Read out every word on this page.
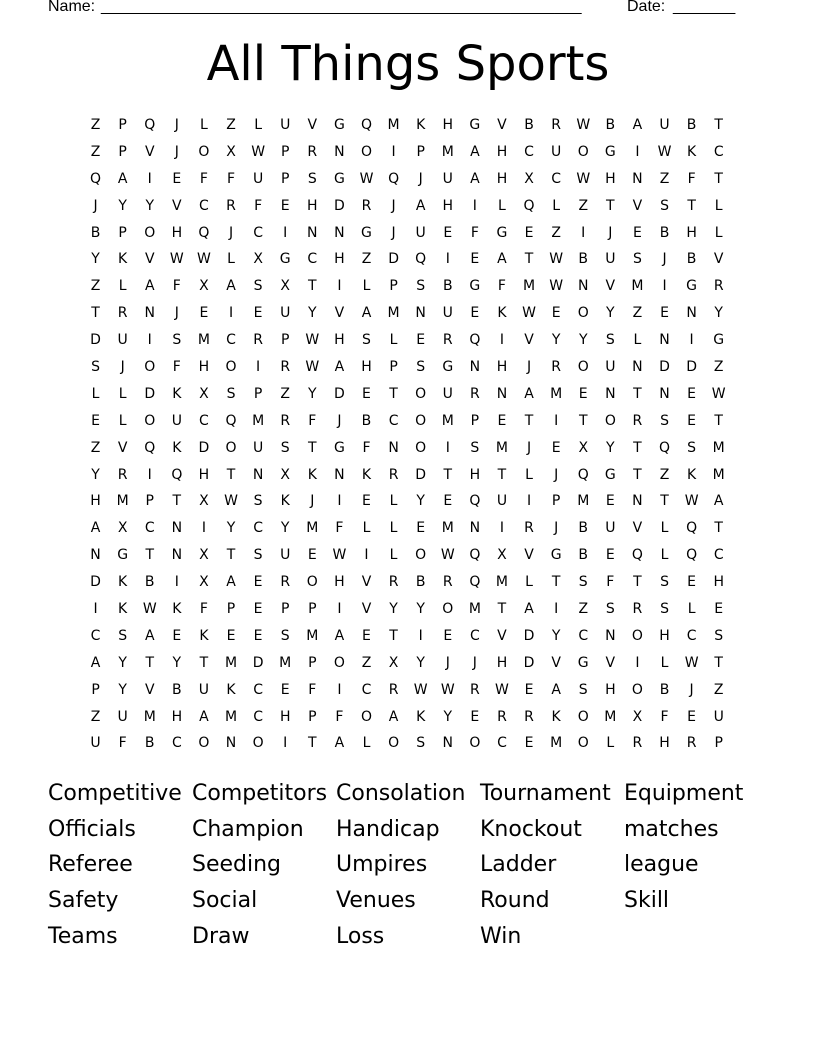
Name: ______________________________________________________	Date: _______
All Things Sports
Z	P	Q	J	L	Z	L	U	V	G	Q	M	K	H	G	V	B	R	W	B	A	U	B	T
Z	P	V	J	O	X	W	P	R	N	O	I	P	M	A	H	C	U	O	G	I	W	K	C
Q	A	I	E	F	F	U	P	S	G	W	Q	J	U	A	H	X	C	W	H	N	Z	F	T
J	Y	Y	V	C	R	F	E	H	D	R	J	A	H	I	L	Q	L	Z	T	V	S	T	L
B	P	O	H	Q	J	C	I	N	N	G	J	U	E	F	G	E	Z	I	J	E	B	H	L
Y	K	V	W W	L	X	G	C	H	Z	D	Q	I	E	A	T	W	B	U	S	J	B	V
Z	L	A	F	X	A	S	X	T	I	L	P	S	B	G	F	M	W	N	V	M	I	G	R
T	R	N	J	E	I	E	U	Y	V	A	M	N	U	E	K	W	E	O	Y	Z	E	N	Y
D	U	I	S	M	C	R	P	W	H	S	L	E	R	Q	I	V	Y	Y	S	L	N	I	G
S	J	O	F	H	O	I	R	W	A	H	P	S	G	N	H	J	R	O	U	N	D	D	Z
L	L	D	K	X	S	P	Z	Y	D	E	T	O	U	R	N	A	M	E	N	T	N	E	W
E	L	O	U	C	Q	M	R	F	J	B	C	O	M	P	E	T	I	T	O	R	S	E	T
Z	V	Q	K	D	O	U	S	T	G	F	N	O	I	S	M	J	E	X	Y	T	Q	S	M
Y	R	I	Q	H	T	N	X	K	N	K	R	D	T	H	T	L	J	Q	G	T	Z	K	M
H	M	P	T	X	W	S	K	J	I	E	L	Y	E	Q	U	I	P	M	E	N	T	W	A
A	X	C	N	I	Y	C	Y	M	F	L	L	E	M	N	I	R	J	B	U	V	L	Q	T
N	G	T	N	X	T	S	U	E	W	I	L	O	W	Q	X	V	G	B	E	Q	L	Q	C
D	K	B	I	X	A	E	R	O	H	V	R	B	R	Q	M	L	T	S	F	T	S	E	H
I	K	W	K	F	P	E	P	P	I	V	Y	Y	O	M	T	A	I	Z	S	R	S	L	E
C	S	A	E	K	E	E	S	M	A	E	T	I	E	C	V	D	Y	C	N	O	H	C	S
A	Y	T	Y	T	M	D	M	P	O	Z	X	Y	J	J	H	D	V	G	V	I	L	W	T
P	Y	V	B	U	K	C	E	F	I	C	R	W W	R	W	E	A	S	H	O	B	J	Z
Z	U	M	H	A	M	C	H	P	F	O	A	K	Y	E	R	R	K	O	M	X	F	E	U
U	F	B	C	O	N	O	I	T	A	L	O	S	N	O	C	E	M	O	L	R	H	R	P
Competitive Competitors Consolation Tournament Equipment
Officials	Champion	Handicap	Knockout	matches
Referee	Seeding	Umpires	Ladder	league
Safety	Social	Venues	Round	Skill
Teams	Draw	Loss	Win
